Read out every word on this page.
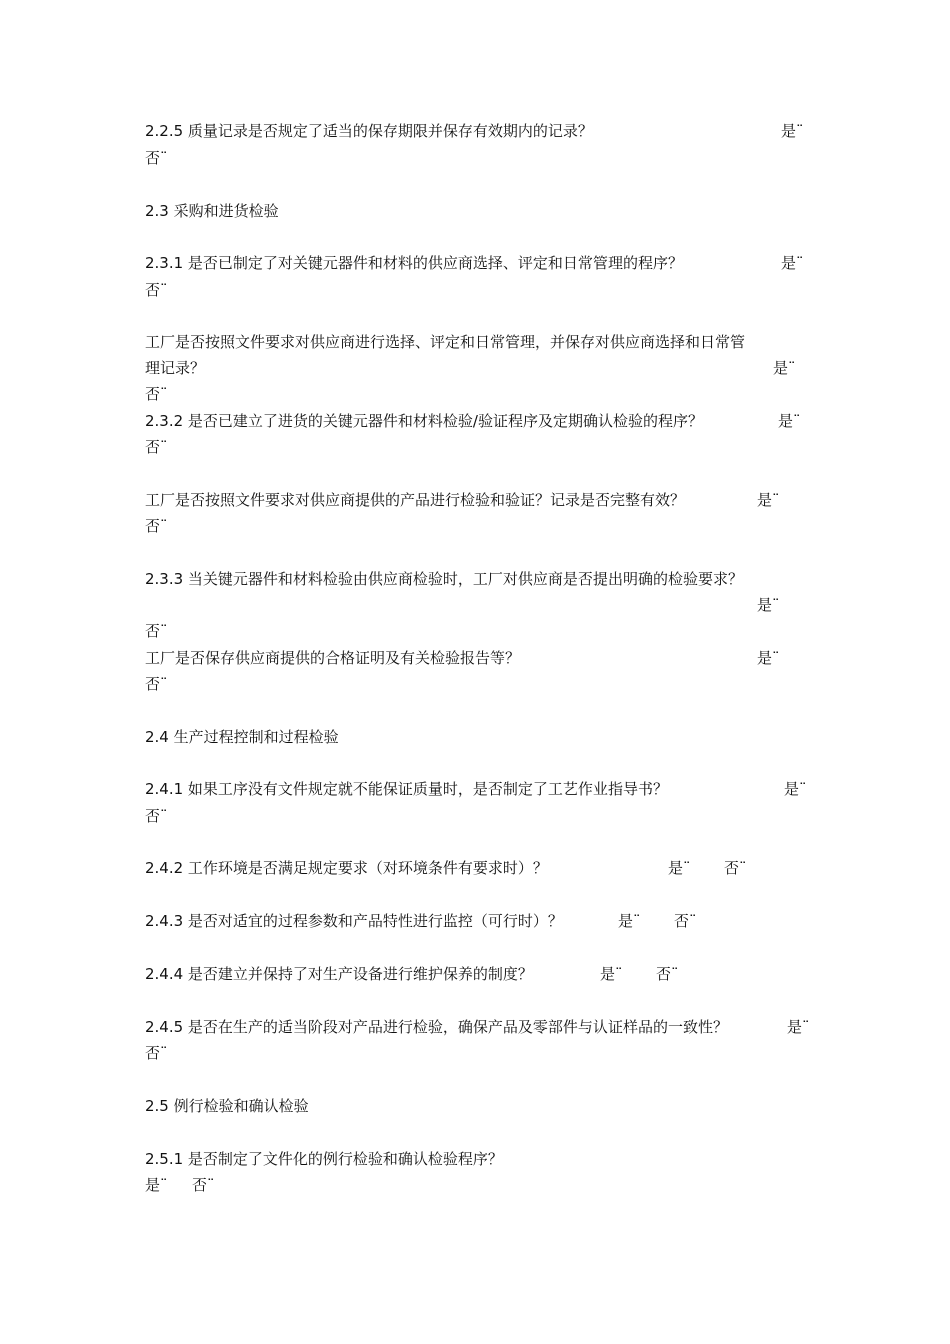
2.2.5 质量记录是否规定了适当的保存期限并保存有效期内的记录？	是¨
否¨
2.3 采购和进货检验
2.3.1 是否已制定了对关键元器件和材料的供应商选择、评定和日常管理的程序？	是¨
否¨
工厂是否按照文件要求对供应商进行选择、评定和日常管理，并保存对供应商选择和日常管
理记录？	是¨
否¨
2.3.2 是否已建立了进货的关键元器件和材料检验/验证程序及定期确认检验的程序？	是¨
否¨
工厂是否按照文件要求对供应商提供的产品进行检验和验证？记录是否完整有效？	是¨
否¨
2.3.3 当关键元器件和材料检验由供应商检验时，工厂对供应商是否提出明确的检验要求？
是¨
否¨
工厂是否保存供应商提供的合格证明及有关检验报告等？	是¨
否¨
2.4 生产过程控制和过程检验
2.4.1 如果工序没有文件规定就不能保证质量时，是否制定了工艺作业指导书？	是¨
否¨
2.4.2 工作环境是否满足规定要求（对环境条件有要求时）？	是¨ 否¨
2.4.3 是否对适宜的过程参数和产品特性进行监控（可行时）？	是¨ 否¨
2.4.4 是否建立并保持了对生产设备进行维护保养的制度？	是¨ 否¨
2.4.5 是否在生产的适当阶段对产品进行检验，确保产品及零部件与认证样品的一致性？	是¨
否¨
2.5 例行检验和确认检验
2.5.1 是否制定了文件化的例行检验和确认检验程序？
是¨ 否¨
